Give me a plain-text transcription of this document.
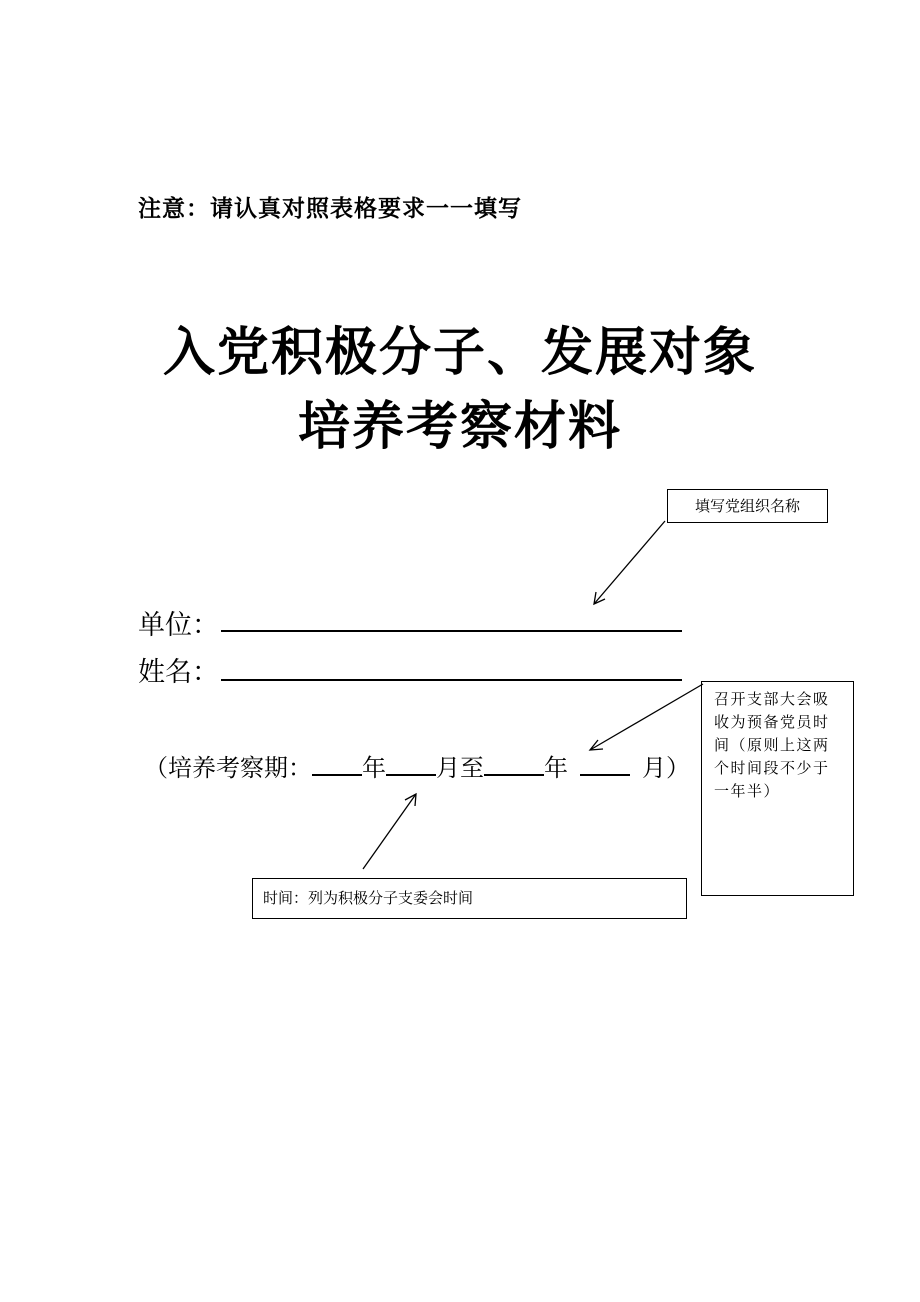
注意：请认真对照表格要求一一填写
入党积极分子、发展对象
培养考察材料
填写党组织名称
单位：
姓名：
召开支部大会吸收为预备党员时间（原则上这两个时间段不少于一年半）
（培养考察期： 年 月至	年	月）
时间：列为积极分子支委会时间
